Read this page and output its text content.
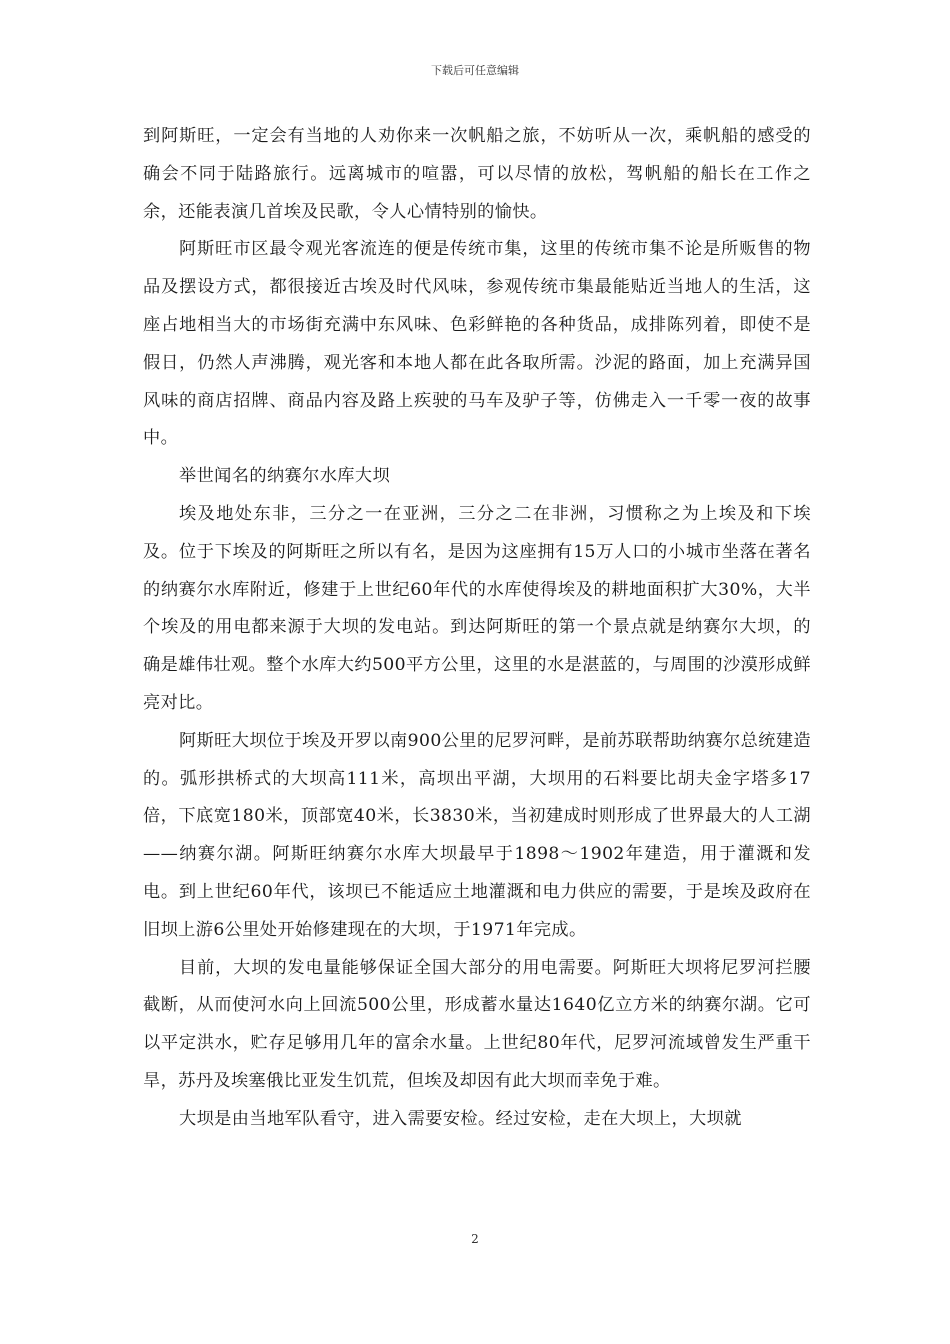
下载后可任意编辑

到阿斯旺，一定会有当地的人劝你来一次帆船之旅，不妨听从一次，乘帆船的感受的确会不同于陆路旅行。远离城市的喧嚣，可以尽情的放松，驾帆船的船长在工作之余，还能表演几首埃及民歌，令人心情特别的愉快。

阿斯旺市区最令观光客流连的便是传统市集，这里的传统市集不论是所贩售的物品及摆设方式，都很接近古埃及时代风味，参观传统市集最能贴近当地人的生活，这座占地相当大的市场街充满中东风味、色彩鲜艳的各种货品，成排陈列着，即使不是假日，仍然人声沸腾，观光客和本地人都在此各取所需。沙泥的路面，加上充满异国风味的商店招牌、商品内容及路上疾驶的马车及驴子等，仿佛走入一千零一夜的故事中。

举世闻名的纳赛尔水库大坝

埃及地处东非，三分之一在亚洲，三分之二在非洲，习惯称之为上埃及和下埃及。位于下埃及的阿斯旺之所以有名，是因为这座拥有15万人口的小城市坐落在著名的纳赛尔水库附近，修建于上世纪60年代的水库使得埃及的耕地面积扩大30%，大半个埃及的用电都来源于大坝的发电站。到达阿斯旺的第一个景点就是纳赛尔大坝，的确是雄伟壮观。整个水库大约500平方公里，这里的水是湛蓝的，与周围的沙漠形成鲜亮对比。

阿斯旺大坝位于埃及开罗以南900公里的尼罗河畔，是前苏联帮助纳赛尔总统建造的。弧形拱桥式的大坝高111米，高坝出平湖，大坝用的石料要比胡夫金字塔多17倍，下底宽180米，顶部宽40米，长3830米，当初建成时则形成了世界最大的人工湖——纳赛尔湖。阿斯旺纳赛尔水库大坝最早于1898～1902年建造，用于灌溉和发电。到上世纪60年代，该坝已不能适应土地灌溉和电力供应的需要，于是埃及政府在旧坝上游6公里处开始修建现在的大坝，于1971年完成。

目前，大坝的发电量能够保证全国大部分的用电需要。阿斯旺大坝将尼罗河拦腰截断，从而使河水向上回流500公里，形成蓄水量达1640亿立方米的纳赛尔湖。它可以平定洪水，贮存足够用几年的富余水量。上世纪80年代，尼罗河流域曾发生严重干旱，苏丹及埃塞俄比亚发生饥荒，但埃及却因有此大坝而幸免于难。

大坝是由当地军队看守，进入需要安检。经过安检，走在大坝上，大坝就

2
